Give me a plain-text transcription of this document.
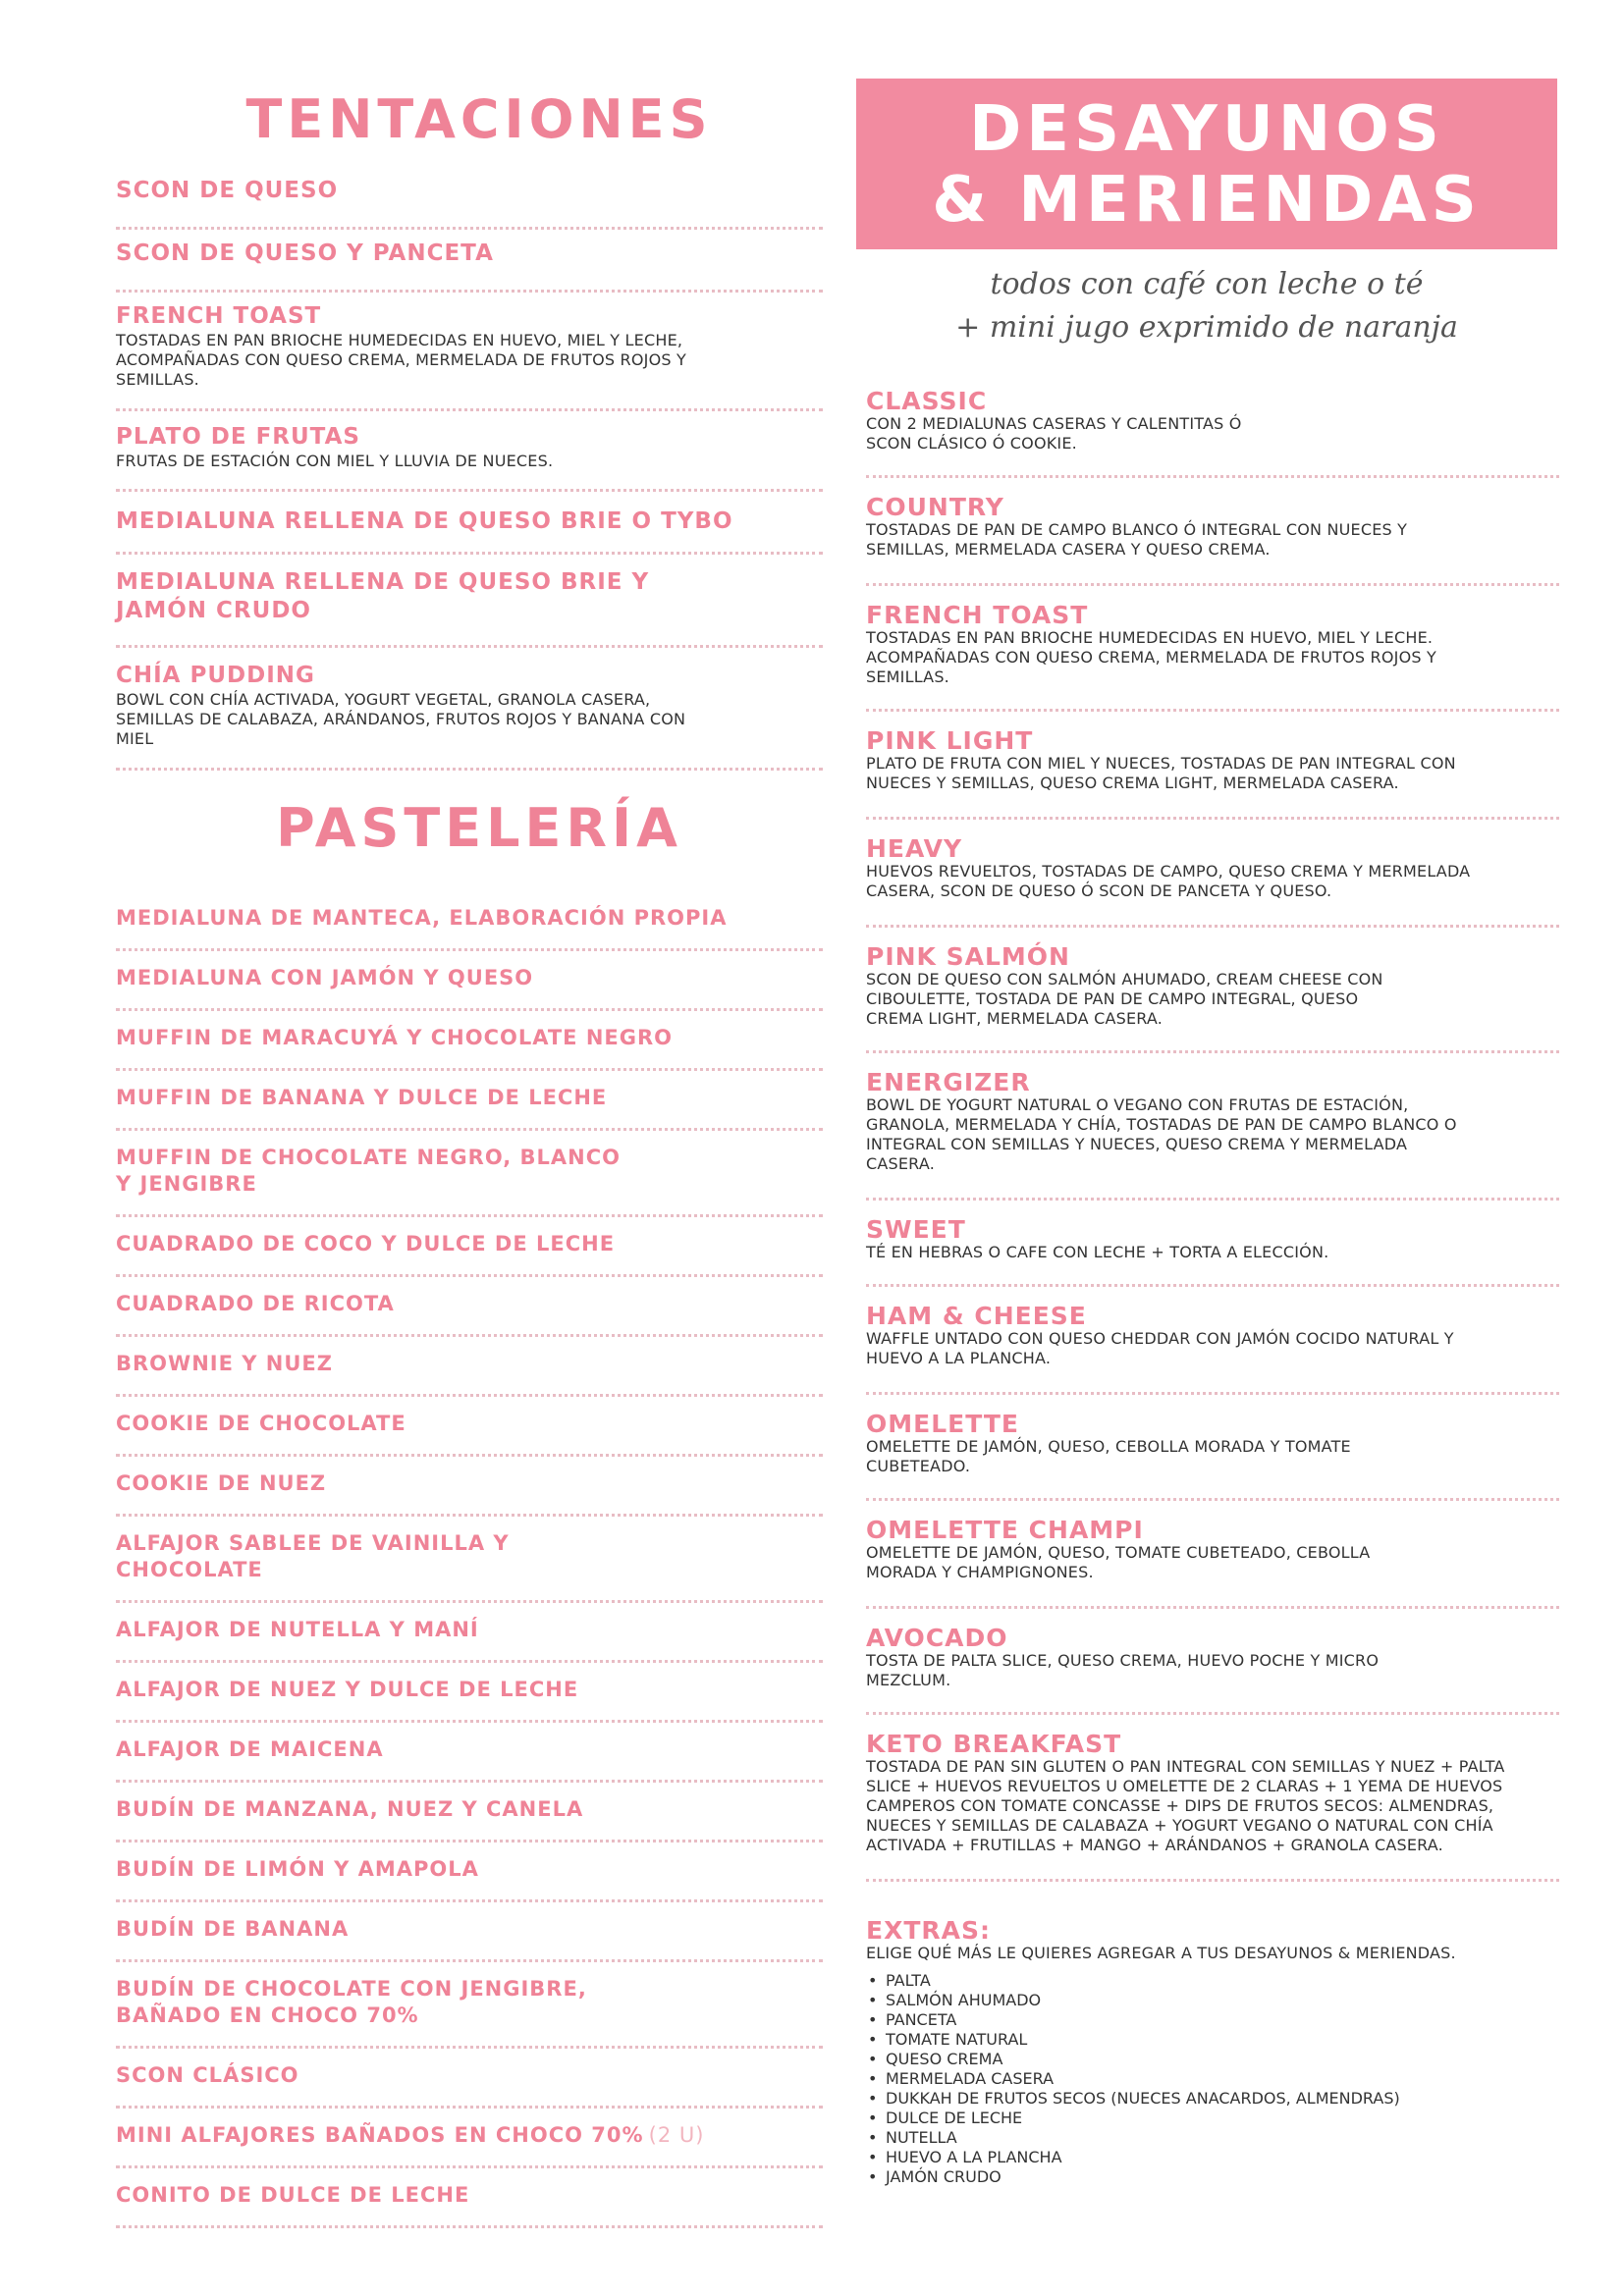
TENTACIONES
SCON DE QUESO
SCON DE QUESO Y PANCETA
FRENCH TOAST
TOSTADAS EN PAN BRIOCHE HUMEDECIDAS EN HUEVO, MIEL Y LECHE, ACOMPAÑADAS CON QUESO CREMA, MERMELADA DE FRUTOS ROJOS Y SEMILLAS.
PLATO DE FRUTAS
FRUTAS DE ESTACIÓN CON MIEL Y LLUVIA DE NUECES.
MEDIALUNA RELLENA DE QUESO BRIE O TYBO
MEDIALUNA RELLENA DE QUESO BRIE Y JAMÓN CRUDO
CHÍA PUDDING
BOWL CON CHÍA ACTIVADA, YOGURT VEGETAL, GRANOLA CASERA, SEMILLAS DE CALABAZA, ARÁNDANOS, FRUTOS ROJOS Y BANANA CON MIEL
PASTELERÍA
MEDIALUNA DE MANTECA, ELABORACIÓN PROPIA
MEDIALUNA CON JAMÓN Y QUESO
MUFFIN DE MARACUYÁ Y CHOCOLATE NEGRO
MUFFIN DE BANANA Y DULCE DE LECHE
MUFFIN DE CHOCOLATE NEGRO, BLANCO Y JENGIBRE
CUADRADO DE COCO Y DULCE DE LECHE
CUADRADO DE RICOTA
BROWNIE Y NUEZ
COOKIE DE CHOCOLATE
COOKIE DE NUEZ
ALFAJOR SABLEE DE VAINILLA Y CHOCOLATE
ALFAJOR DE NUTELLA Y MANÍ
ALFAJOR DE NUEZ Y DULCE DE LECHE
ALFAJOR DE MAICENA
BUDÍN DE MANZANA, NUEZ Y CANELA
BUDÍN DE LIMÓN Y AMAPOLA
BUDÍN DE BANANA
BUDÍN DE CHOCOLATE CON JENGIBRE, BAÑADO EN CHOCO 70%
SCON CLÁSICO
MINI ALFAJORES BAÑADOS EN CHOCO 70% (2 U)
CONITO DE DULCE DE LECHE
DESAYUNOS
& MERIENDAS
todos con café con leche o té
+ mini jugo exprimido de naranja
CLASSIC
CON 2 MEDIALUNAS CASERAS Y CALENTITAS Ó SCON CLÁSICO Ó COOKIE.
COUNTRY
TOSTADAS DE PAN DE CAMPO BLANCO Ó INTEGRAL CON NUECES Y SEMILLAS, MERMELADA CASERA Y QUESO CREMA.
FRENCH TOAST
TOSTADAS EN PAN BRIOCHE HUMEDECIDAS EN HUEVO, MIEL Y LECHE. ACOMPAÑADAS CON QUESO CREMA, MERMELADA DE FRUTOS ROJOS Y SEMILLAS.
PINK LIGHT
PLATO DE FRUTA CON MIEL Y NUECES, TOSTADAS DE PAN INTEGRAL CON NUECES Y SEMILLAS, QUESO CREMA LIGHT, MERMELADA CASERA.
HEAVY
HUEVOS REVUELTOS, TOSTADAS DE CAMPO, QUESO CREMA Y MERMELADA CASERA, SCON DE QUESO Ó SCON DE PANCETA Y QUESO.
PINK SALMÓN
SCON DE QUESO CON SALMÓN AHUMADO, CREAM CHEESE CON CIBOULETTE, TOSTADA DE PAN DE CAMPO INTEGRAL, QUESO CREMA LIGHT, MERMELADA CASERA.
ENERGIZER
BOWL DE YOGURT NATURAL O VEGANO CON FRUTAS DE ESTACIÓN, GRANOLA, MERMELADA Y CHÍA, TOSTADAS DE PAN DE CAMPO BLANCO O INTEGRAL CON SEMILLAS Y NUECES, QUESO CREMA Y MERMELADA CASERA.
SWEET
TÉ EN HEBRAS O CAFE CON LECHE + TORTA A ELECCIÓN.
HAM & CHEESE
WAFFLE UNTADO CON QUESO CHEDDAR CON JAMÓN COCIDO NATURAL Y HUEVO A LA PLANCHA.
OMELETTE
OMELETTE DE JAMÓN, QUESO, CEBOLLA MORADA Y TOMATE CUBETEADO.
OMELETTE CHAMPI
OMELETTE DE JAMÓN, QUESO, TOMATE CUBETEADO, CEBOLLA MORADA Y CHAMPIGNONES.
AVOCADO
TOSTA DE PALTA SLICE, QUESO CREMA, HUEVO POCHE Y MICRO MEZCLUM.
KETO BREAKFAST
TOSTADA DE PAN SIN GLUTEN O PAN INTEGRAL CON SEMILLAS Y NUEZ + PALTA SLICE + HUEVOS REVUELTOS U OMELETTE DE 2 CLARAS + 1 YEMA DE HUEVOS CAMPEROS CON TOMATE CONCASSE + DIPS DE FRUTOS SECOS: ALMENDRAS, NUECES Y SEMILLAS DE CALABAZA + YOGURT VEGANO O NATURAL CON CHÍA ACTIVADA + FRUTILLAS + MANGO + ARÁNDANOS + GRANOLA CASERA.
EXTRAS:
ELIGE QUÉ MÁS LE QUIERES AGREGAR A TUS DESAYUNOS & MERIENDAS.
• PALTA
• SALMÓN AHUMADO
• PANCETA
• TOMATE NATURAL
• QUESO CREMA
• MERMELADA CASERA
• DUKKAH DE FRUTOS SECOS (NUECES ANACARDOS, ALMENDRAS)
• DULCE DE LECHE
• NUTELLA
• HUEVO A LA PLANCHA
• JAMÓN CRUDO
